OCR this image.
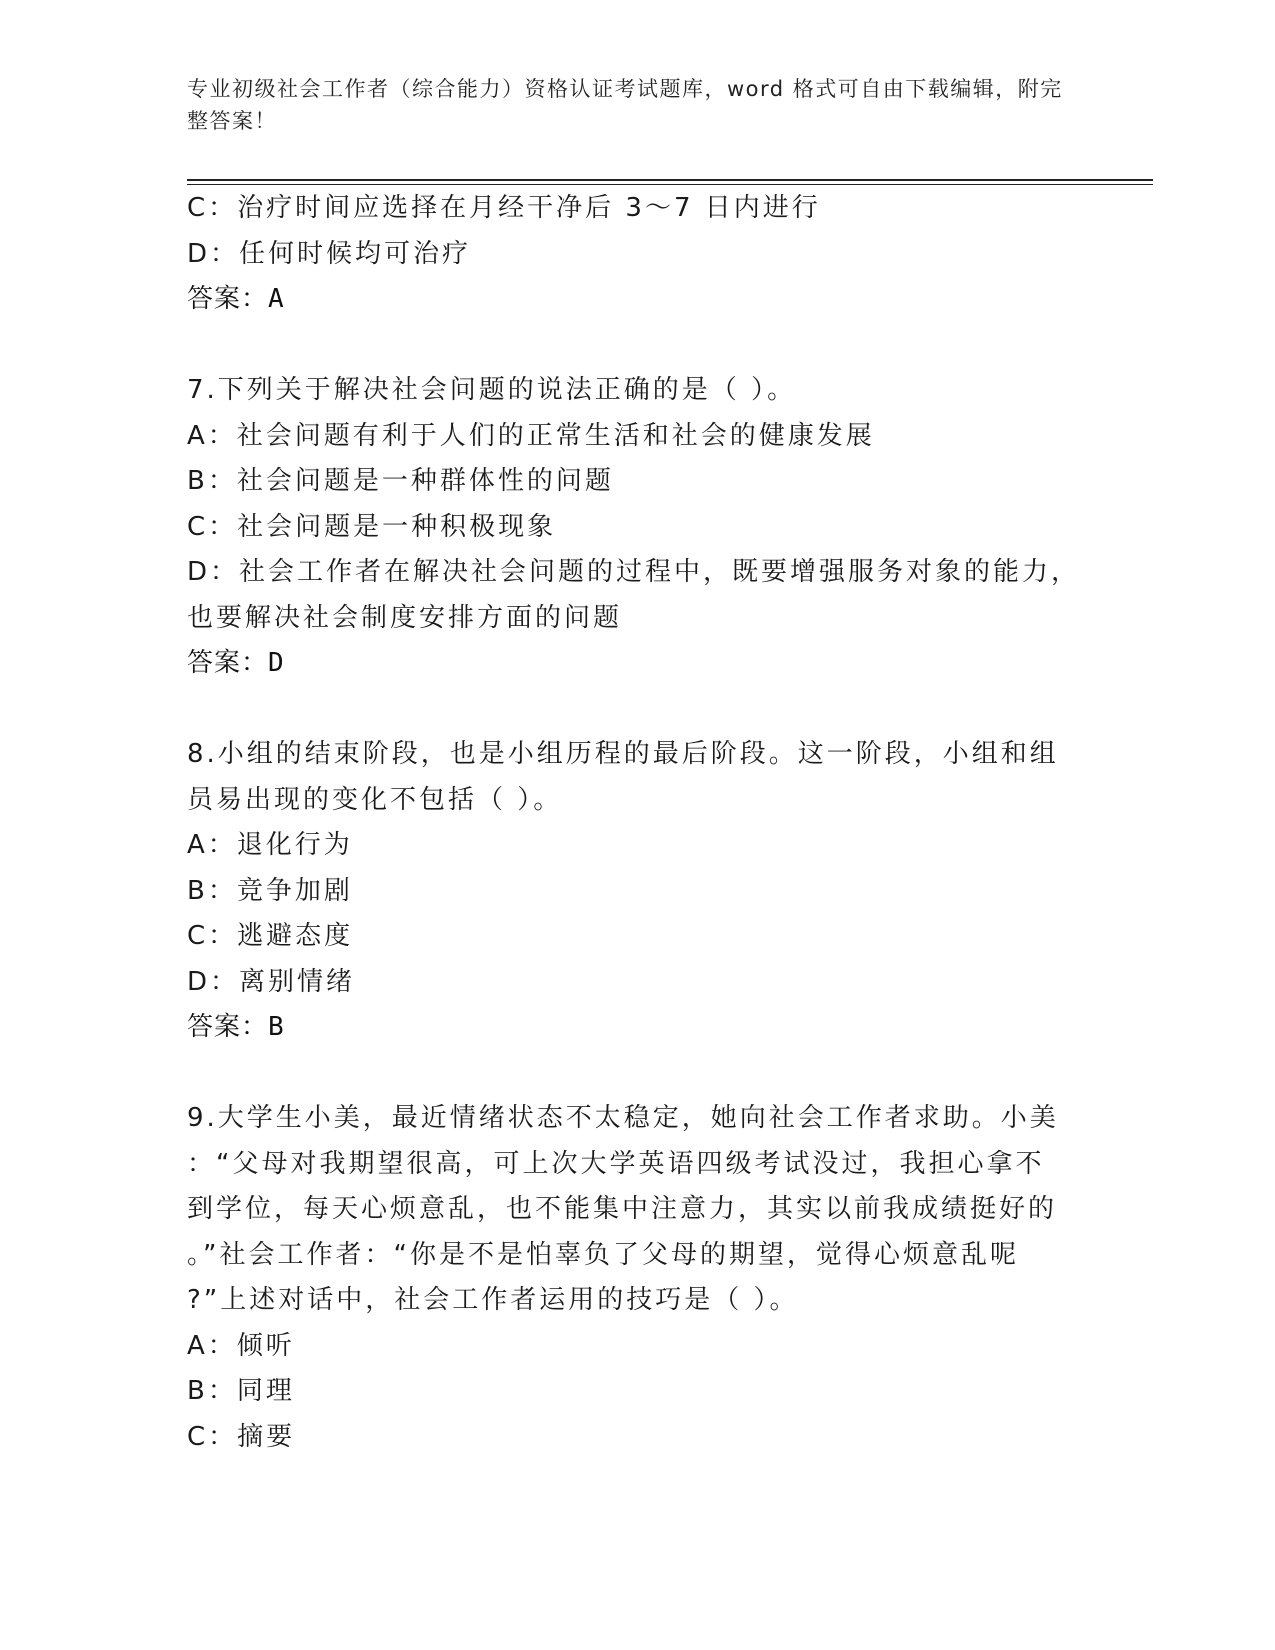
专业初级社会工作者（综合能力）资格认证考试题库，word 格式可自由下载编辑，附完整答案！
C：治疗时间应选择在月经干净后 3～7 日内进行
D：任何时候均可治疗
答案：A
7.下列关于解决社会问题的说法正确的是（ ）。
A：社会问题有利于人们的正常生活和社会的健康发展
B：社会问题是一种群体性的问题
C：社会问题是一种积极现象
D：社会工作者在解决社会问题的过程中，既要增强服务对象的能力，
也要解决社会制度安排方面的问题
答案：D
8.小组的结束阶段，也是小组历程的最后阶段。这一阶段，小组和组
员易出现的变化不包括（ ）。
A：退化行为
B：竞争加剧
C：逃避态度
D：离别情绪
答案：B
9.大学生小美，最近情绪状态不太稳定，她向社会工作者求助。小美
：“父母对我期望很高，可上次大学英语四级考试没过，我担心拿不
到学位，每天心烦意乱，也不能集中注意力，其实以前我成绩挺好的
。”社会工作者：“你是不是怕辜负了父母的期望，觉得心烦意乱呢
?”上述对话中，社会工作者运用的技巧是（ ）。
A：倾听
B：同理
C：摘要
